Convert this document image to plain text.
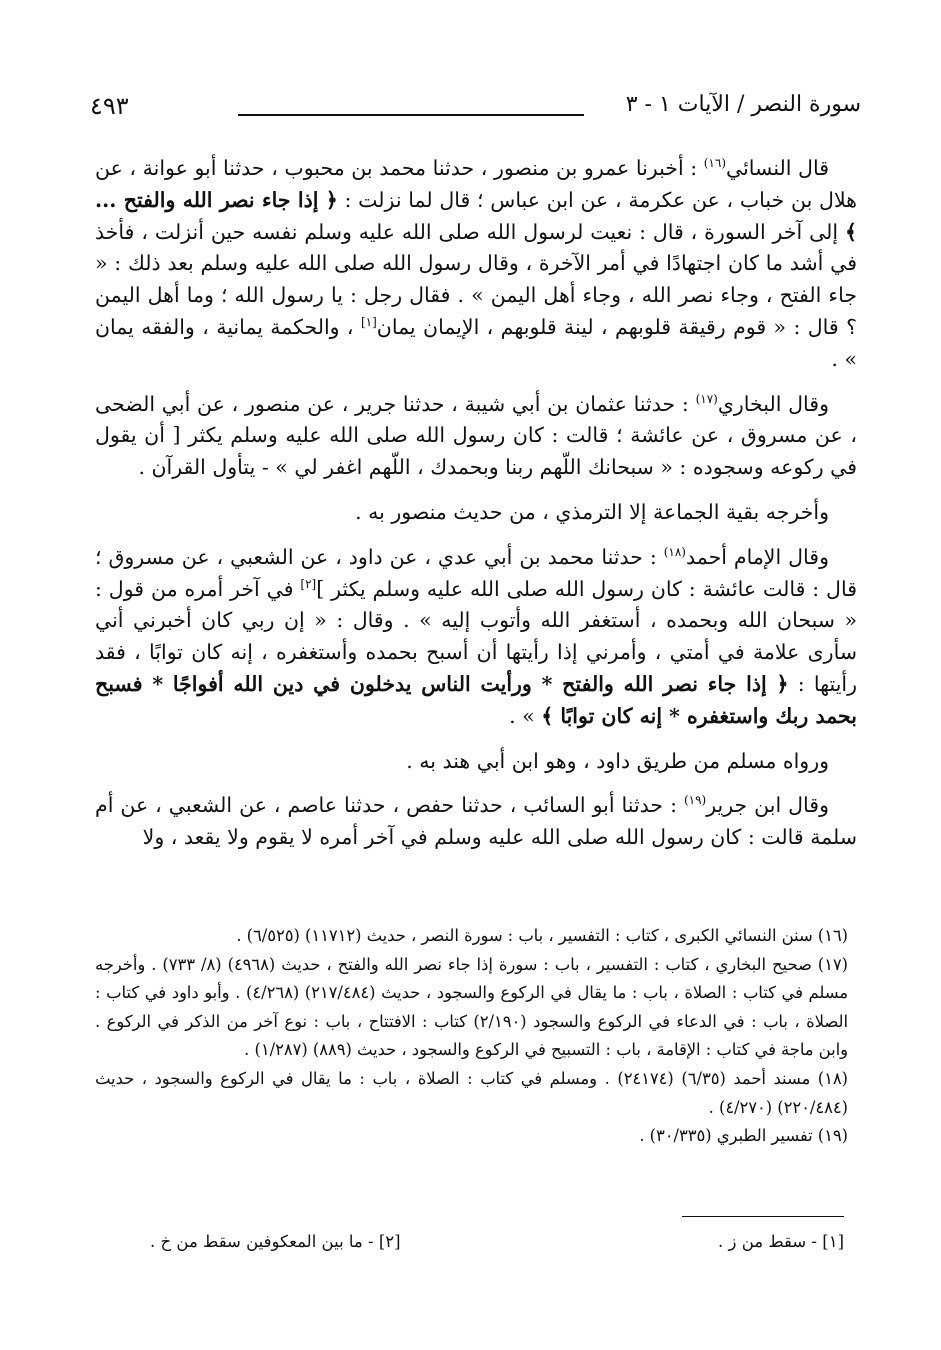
٤٩٣	سورة النصر / الآيات ١ - ٣

قال النسائي$^{(١٦)}$ : أخبرنا عمرو بن منصور ، حدثنا محمد بن محبوب ، حدثنا أبو عوانة ، عن هلال بن خباب ، عن عكرمة ، عن ابن عباس ؛ قال لما نزلت : ﴿ إذا جاء نصر الله والفتح ... ﴾ إلى آخر السورة ، قال : نعيت لرسول الله صلى الله عليه وسلم نفسه حين أنزلت ، فأخذ في أشد ما كان اجتهادًا في أمر الآخرة ، وقال رسول الله صلى الله عليه وسلم بعد ذلك : « جاء الفتح ، وجاء نصر الله ، وجاء أهل اليمن » . فقال رجل : يا رسول الله ؛ وما أهل اليمن ؟ قال : « قوم رقيقة قلوبهم ، لينة قلوبهم ، الإيمان يمان[١] ، والحكمة يمانية ، والفقه يمان » .

وقال البخاري$^{(١٧)}$ : حدثنا عثمان بن أبي شيبة ، حدثنا جرير ، عن منصور ، عن أبي الضحى ، عن مسروق ، عن عائشة ؛ قالت : كان رسول الله صلى الله عليه وسلم يكثر [ أن يقول في ركوعه وسجوده : « سبحانك اللّهم ربنا وبحمدك ، اللّهم اغفر لي » - يتأول القرآن .

وأخرجه بقية الجماعة إلا الترمذي ، من حديث منصور به .

وقال الإمام أحمد$^{(١٨)}$ : حدثنا محمد بن أبي عدي ، عن داود ، عن الشعبي ، عن مسروق ؛ قال : قالت عائشة : كان رسول الله صلى الله عليه وسلم يكثر ][٢] في آخر أمره من قول : « سبحان الله وبحمده ، أستغفر الله وأتوب إليه » . وقال : « إن ربي كان أخبرني أني سأرى علامة في أمتي ، وأمرني إذا رأيتها أن أسبح بحمده وأستغفره ، إنه كان توابًا ، فقد رأيتها : ﴿ إذا جاء نصر الله والفتح * ورأيت الناس يدخلون في دين الله أفواجًا * فسبح بحمد ربك واستغفره * إنه كان توابًا ﴾ » .

ورواه مسلم من طريق داود ، وهو ابن أبي هند به .

وقال ابن جرير$^{(١٩)}$ : حدثنا أبو السائب ، حدثنا حفص ، حدثنا عاصم ، عن الشعبي ، عن أم سلمة قالت : كان رسول الله صلى الله عليه وسلم في آخر أمره لا يقوم ولا يقعد ، ولا

(١٦) سنن النسائي الكبرى ، كتاب : التفسير ، باب : سورة النصر ، حديث (١١٧١٢) (٦/٥٢٥) .

(١٧) صحيح البخاري ، كتاب : التفسير ، باب : سورة إذا جاء نصر الله والفتح ، حديث (٤٩٦٨) (٨/ ٧٣٣) . وأخرجه مسلم في كتاب : الصلاة ، باب : ما يقال في الركوع والسجود ، حديث (٢١٧/٤٨٤) (٤/٢٦٨) . وأبو داود في كتاب : الصلاة ، باب : في الدعاء في الركوع والسجود (٢/١٩٠) كتاب : الافتتاح ، باب : نوع آخر من الذكر في الركوع . وابن ماجة في كتاب : الإقامة ، باب : التسبيح في الركوع والسجود ، حديث (٨٨٩) (١/٢٨٧) .

(١٨) مسند أحمد (٦/٣٥) (٢٤١٧٤) . ومسلم في كتاب : الصلاة ، باب : ما يقال في الركوع والسجود ، حديث (٢٢٠/٤٨٤) (٤/٢٧٠) .

(١٩) تفسير الطبري (٣٠/٣٣٥) .

[١] - سقط من ز .
[٢] - ما بين المعكوفين سقط من خ .
